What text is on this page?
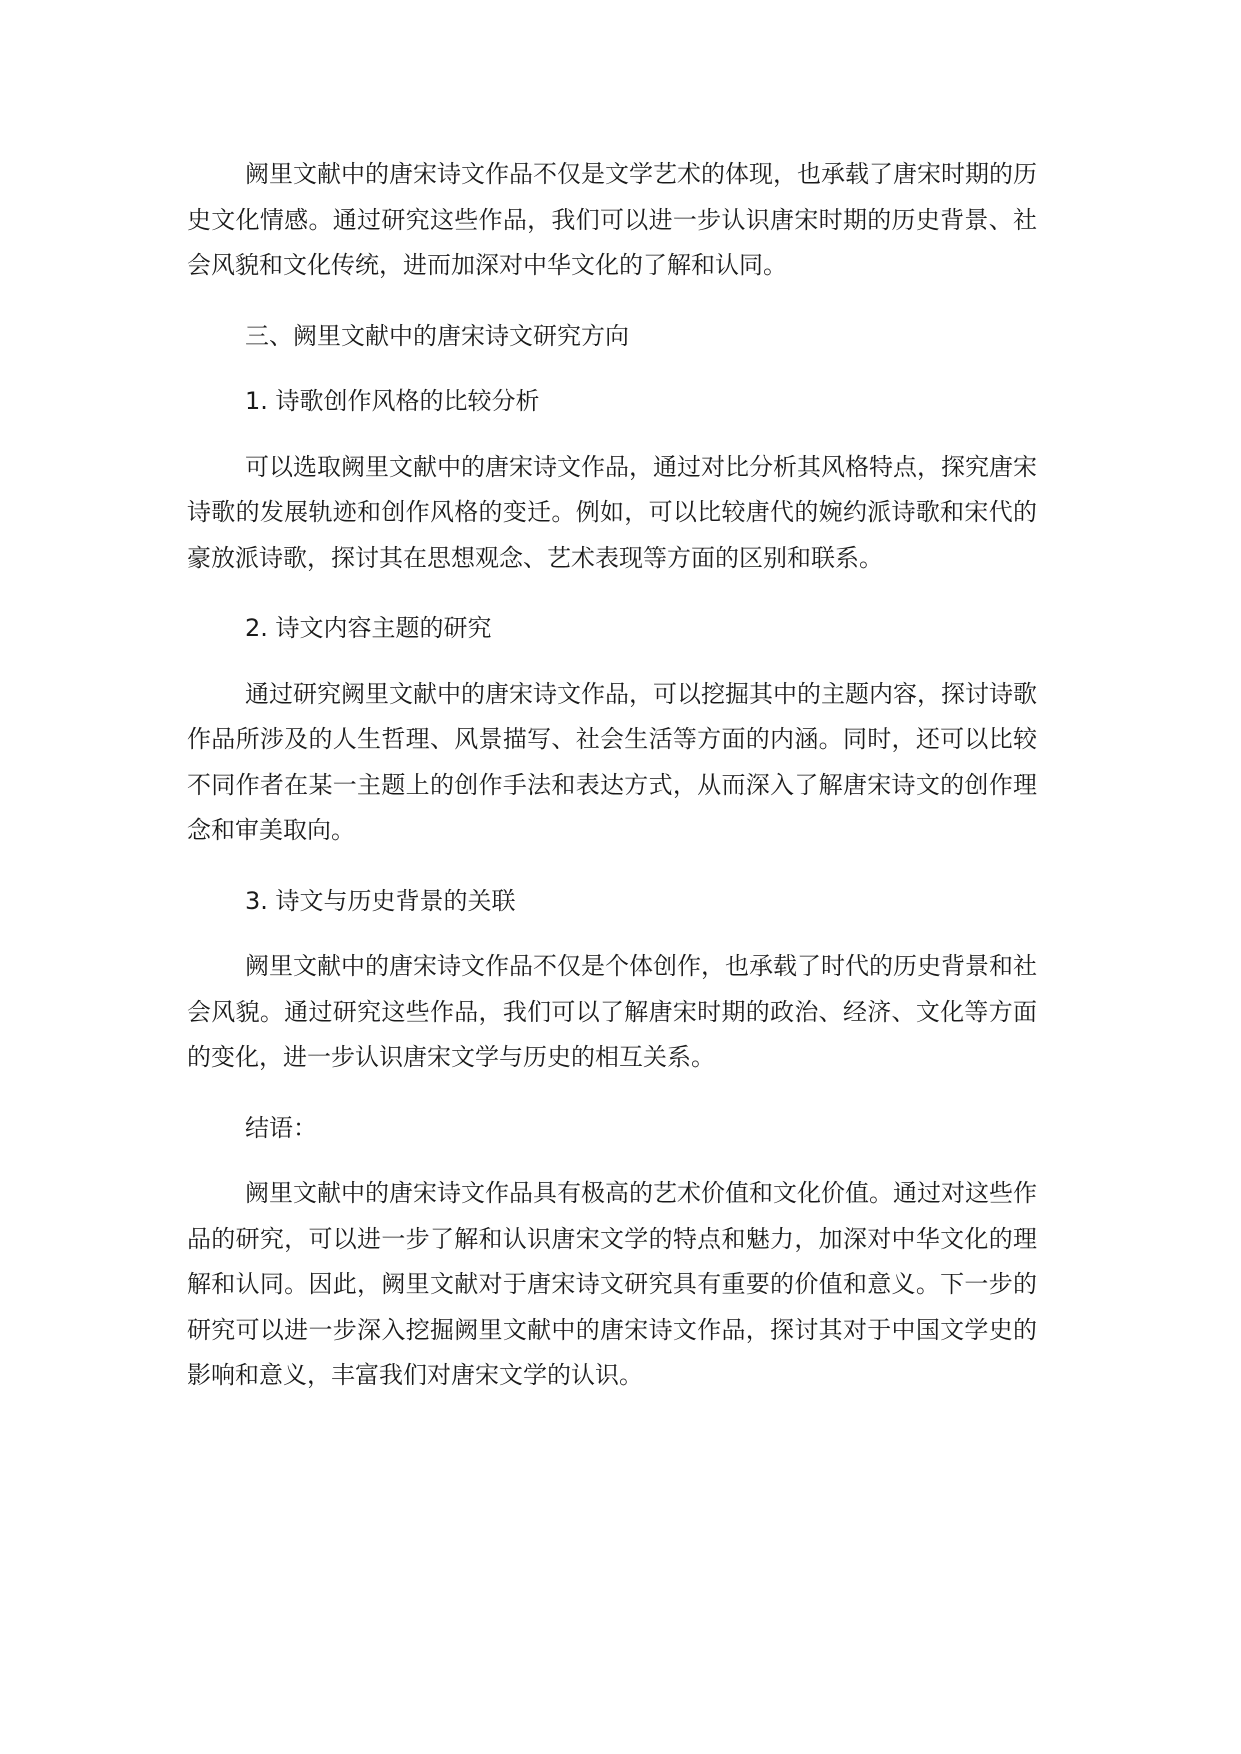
阙里文献中的唐宋诗文作品不仅是文学艺术的体现，也承载了唐宋时期的历史文化情感。通过研究这些作品，我们可以进一步认识唐宋时期的历史背景、社会风貌和文化传统，进而加深对中华文化的了解和认同。

三、阙里文献中的唐宋诗文研究方向

1. 诗歌创作风格的比较分析

可以选取阙里文献中的唐宋诗文作品，通过对比分析其风格特点，探究唐宋诗歌的发展轨迹和创作风格的变迁。例如，可以比较唐代的婉约派诗歌和宋代的豪放派诗歌，探讨其在思想观念、艺术表现等方面的区别和联系。

2. 诗文内容主题的研究

通过研究阙里文献中的唐宋诗文作品，可以挖掘其中的主题内容，探讨诗歌作品所涉及的人生哲理、风景描写、社会生活等方面的内涵。同时，还可以比较不同作者在某一主题上的创作手法和表达方式，从而深入了解唐宋诗文的创作理念和审美取向。

3. 诗文与历史背景的关联

阙里文献中的唐宋诗文作品不仅是个体创作，也承载了时代的历史背景和社会风貌。通过研究这些作品，我们可以了解唐宋时期的政治、经济、文化等方面的变化，进一步认识唐宋文学与历史的相互关系。

结语：

阙里文献中的唐宋诗文作品具有极高的艺术价值和文化价值。通过对这些作品的研究，可以进一步了解和认识唐宋文学的特点和魅力，加深对中华文化的理解和认同。因此，阙里文献对于唐宋诗文研究具有重要的价值和意义。下一步的研究可以进一步深入挖掘阙里文献中的唐宋诗文作品，探讨其对于中国文学史的影响和意义，丰富我们对唐宋文学的认识。
